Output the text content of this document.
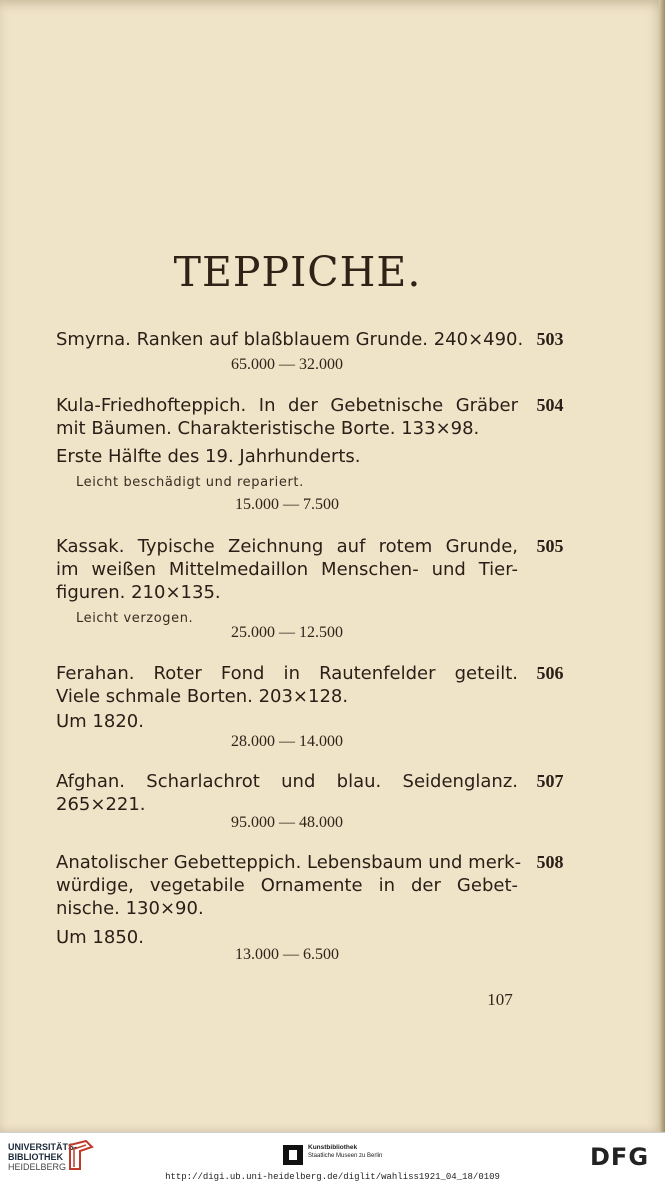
TEPPICHE.
Smyrna. Ranken auf blaßblauem Grunde. 240×490. 503
65.000 — 32.000
Kula-Friedhofteppich. In der Gebetnische Gräber	504
mit Bäumen. Charakteristische Borte. 133×98.
Erste Hälfte des 19. Jahrhunderts.
Leicht beschädigt und repariert.
15.000 — 7.500
Kassak. Typische Zeichnung auf rotem Grunde,	505
im weißen Mittelmedaillon Menschen- und Tier-
figuren. 210×135.
Leicht verzogen.
25.000 — 12.500
Ferahan. Roter Fond in Rautenfelder geteilt.	506
Viele schmale Borten. 203×128.
Um 1820.
28.000 — 14.000
Afghan. Scharlachrot und blau. Seidenglanz.	507
265×221.
95.000 — 48.000
Anatolischer Gebetteppich. Lebensbaum und merk- 508
würdige, vegetabile Ornamente in der Gebet-
nische. 130×90.
Um 1850.
13.000 — 6.500
107
UNIVERSITÄTS-
BIBLIOTHEK
HEIDELBERG
Kunstbibliothek
Staatliche Museen zu Berlin	DFG
http://digi.ub.uni-heidelberg.de/diglit/wahliss1921_04_18/0109
